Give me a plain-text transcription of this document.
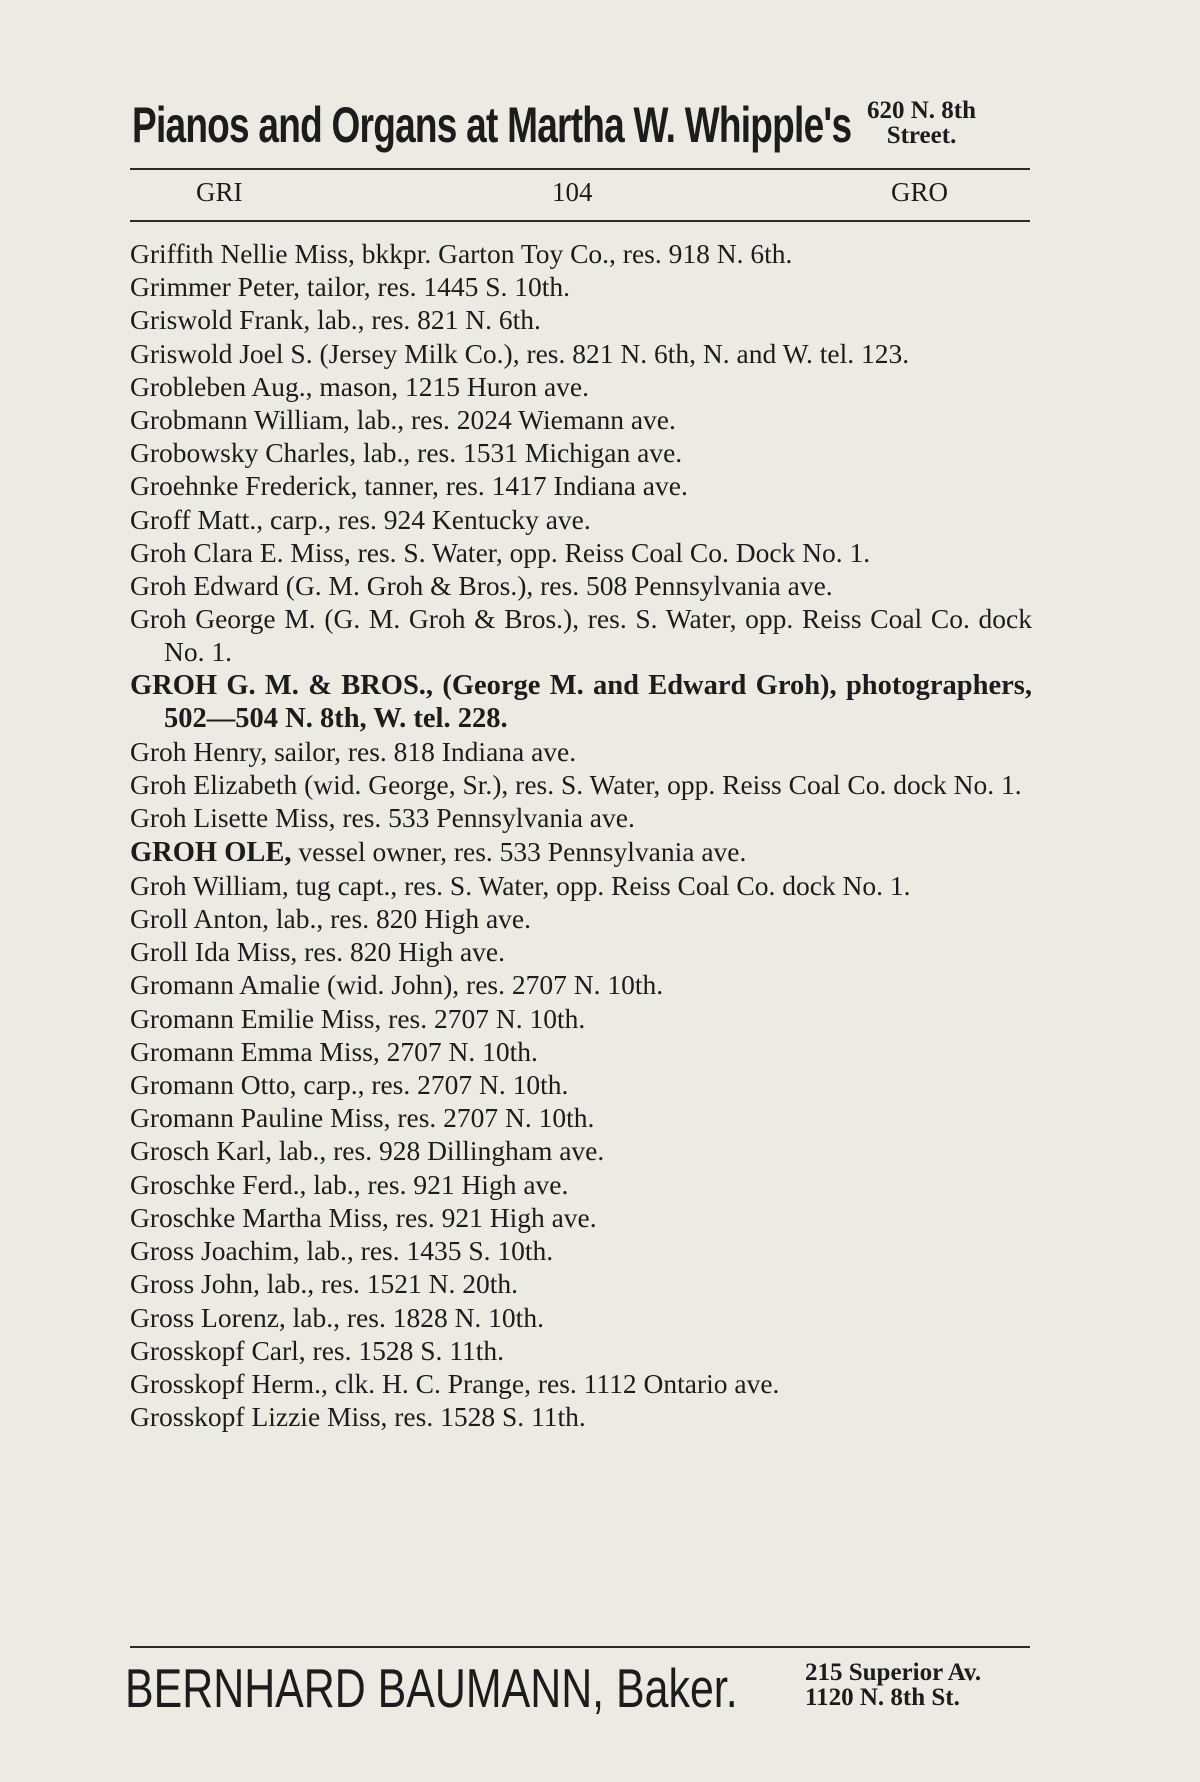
Pianos and Organs at Martha W. Whipple's 620 N. 8th
Street.
GRI	104	GRO

Griffith Nellie Miss, bkkpr. Garton Toy Co., res. 918 N. 6th.

Grimmer Peter, tailor, res. 1445 S. 10th.

Griswold Frank, lab., res. 821 N. 6th.

Griswold Joel S. (Jersey Milk Co.), res. 821 N. 6th, N. and W. tel. 123.

Grobleben Aug., mason, 1215 Huron ave.

Grobmann William, lab., res. 2024 Wiemann ave.

Grobowsky Charles, lab., res. 1531 Michigan ave.

Groehnke Frederick, tanner, res. 1417 Indiana ave.

Groff Matt., carp., res. 924 Kentucky ave.

Groh Clara E. Miss, res. S. Water, opp. Reiss Coal Co. Dock No. 1.

Groh Edward (G. M. Groh & Bros.), res. 508 Pennsylvania ave.

Groh George M. (G. M. Groh & Bros.), res. S. Water, opp. Reiss Coal Co. dock No. 1.

GROH G. M. & BROS., (George M. and Edward Groh), photographers, 502—504 N. 8th, W. tel. 228.

Groh Henry, sailor, res. 818 Indiana ave.

Groh Elizabeth (wid. George, Sr.), res. S. Water, opp. Reiss Coal Co. dock No. 1.

Groh Lisette Miss, res. 533 Pennsylvania ave.

GROH OLE, vessel owner, res. 533 Pennsylvania ave.

Groh William, tug capt., res. S. Water, opp. Reiss Coal Co. dock No. 1.

Groll Anton, lab., res. 820 High ave.

Groll Ida Miss, res. 820 High ave.

Gromann Amalie (wid. John), res. 2707 N. 10th.

Gromann Emilie Miss, res. 2707 N. 10th.

Gromann Emma Miss, 2707 N. 10th.

Gromann Otto, carp., res. 2707 N. 10th.

Gromann Pauline Miss, res. 2707 N. 10th.

Grosch Karl, lab., res. 928 Dillingham ave.

Groschke Ferd., lab., res. 921 High ave.

Groschke Martha Miss, res. 921 High ave.

Gross Joachim, lab., res. 1435 S. 10th.

Gross John, lab., res. 1521 N. 20th.

Gross Lorenz, lab., res. 1828 N. 10th.

Grosskopf Carl, res. 1528 S. 11th.

Grosskopf Herm., clk. H. C. Prange, res. 1112 Ontario ave.

Grosskopf Lizzie Miss, res. 1528 S. 11th.

BERNHARD BAUMANN, Baker.	215 Superior Av.
1120 N. 8th St.
